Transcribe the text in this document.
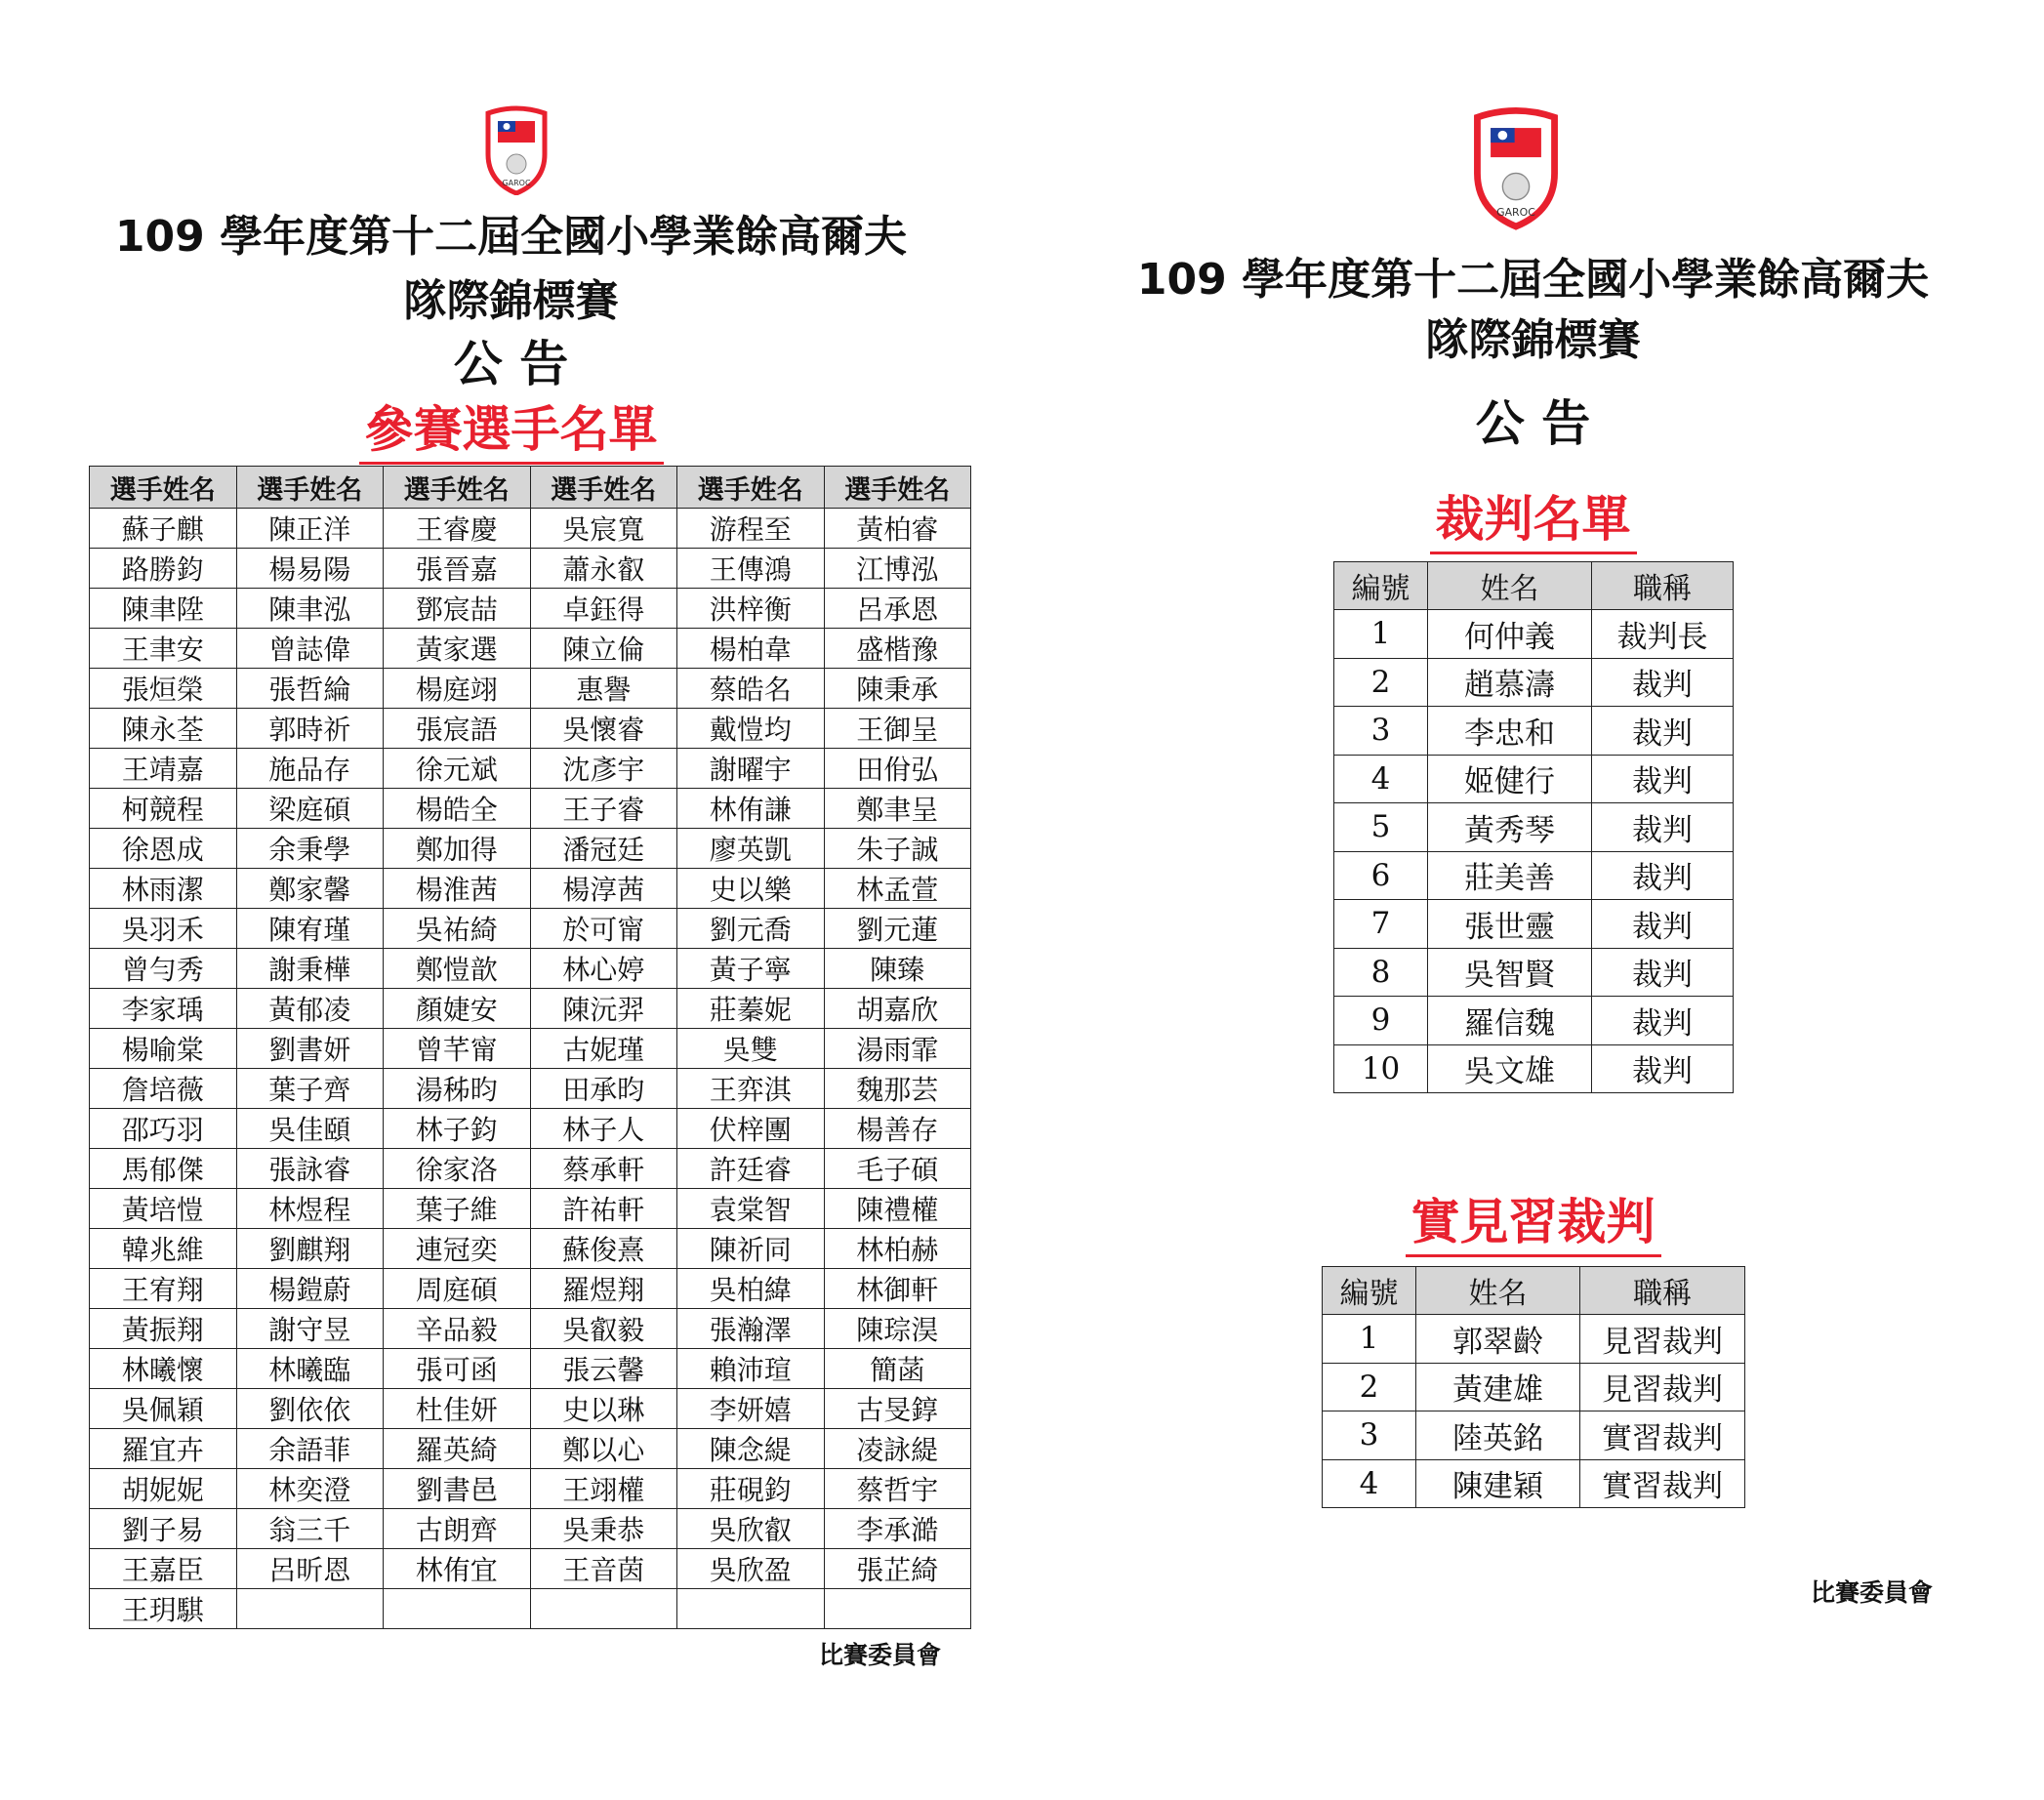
GAROC
109 學年度第十二屆全國小學業餘高爾夫
隊際錦標賽
公 告
參賽選手名單
選手姓名	選手姓名	選手姓名	選手姓名	選手姓名	選手姓名
蘇子麒	陳正洋	王睿慶	吳宸寬	游程至	黃柏睿
路勝鈞	楊易陽	張晉嘉	蕭永叡	王傳鴻	江博泓
陳聿陞	陳聿泓	鄧宸喆	卓鈺得	洪梓衡	呂承恩
王聿安	曾誌偉	黃家選	陳立倫	楊柏韋	盛楷豫
張烜榮	張哲綸	楊庭翊	惠譽	蔡皓名	陳秉承
陳永荃	郭時祈	張宸語	吳懷睿	戴愷均	王御呈
王靖嘉	施品存	徐元斌	沈彥宇	謝曜宇	田佾弘
柯競程	梁庭碩	楊皓全	王子睿	林侑謙	鄭聿呈
徐恩成	余秉學	鄭加得	潘冠廷	廖英凱	朱子誠
林雨潔	鄭家馨	楊淮茜	楊淳茜	史以樂	林孟萱
吳羽禾	陳宥瑾	吳祐綺	於可甯	劉元喬	劉元蓮
曾勻秀	謝秉樺	鄭愷歆	林心婷	黃子寧	陳臻
李家瑀	黃郁凌	顏婕安	陳沅羿	莊蓁妮	胡嘉欣
楊喻棠	劉書妍	曾芊甯	古妮瑾	吳雙	湯雨霏
詹培薇	葉子齊	湯秭昀	田承昀	王弈淇	魏那芸
邵巧羽	吳佳頤	林子鈞	林子人	伏梓團	楊善存
馬郁傑	張詠睿	徐家洛	蔡承軒	許廷睿	毛子碩
黃培愷	林煜程	葉子維	許祐軒	袁棠智	陳禮權
韓兆維	劉麒翔	連冠奕	蘇俊熹	陳祈同	林柏赫
王宥翔	楊鎧蔚	周庭碩	羅煜翔	吳柏緯	林御軒
黃振翔	謝守昱	辛品毅	吳叡毅	張瀚澤	陳琮淏
林曦懷	林曦臨	張可函	張云馨	賴沛瑄	簡菡
吳佩穎	劉依依	杜佳妍	史以琳	李妍嬉	古旻錞
羅宜卉	余語菲	羅英綺	鄭以心	陳念緹	凌詠緹
胡妮妮	林奕澄	劉書邑	王翊權	莊硯鈞	蔡哲宇
劉子易	翁三千	古朗齊	吳秉恭	吳欣叡	李承澔
王嘉臣	呂昕恩	林侑宜	王音茵	吳欣盈	張芷綺
王玥騏					
比賽委員會
GAROC
109 學年度第十二屆全國小學業餘高爾夫
隊際錦標賽
公 告
裁判名單
編號	姓名	職稱
1	何仲義	裁判長
2	趙慕濤	裁判
3	李忠和	裁判
4	姬健行	裁判
5	黃秀琴	裁判
6	莊美善	裁判
7	張世靈	裁判
8	吳智賢	裁判
9	羅信魏	裁判
10	吳文雄	裁判
實見習裁判
編號	姓名	職稱
1	郭翠齡	見習裁判
2	黃建雄	見習裁判
3	陸英銘	實習裁判
4	陳建穎	實習裁判
比賽委員會
